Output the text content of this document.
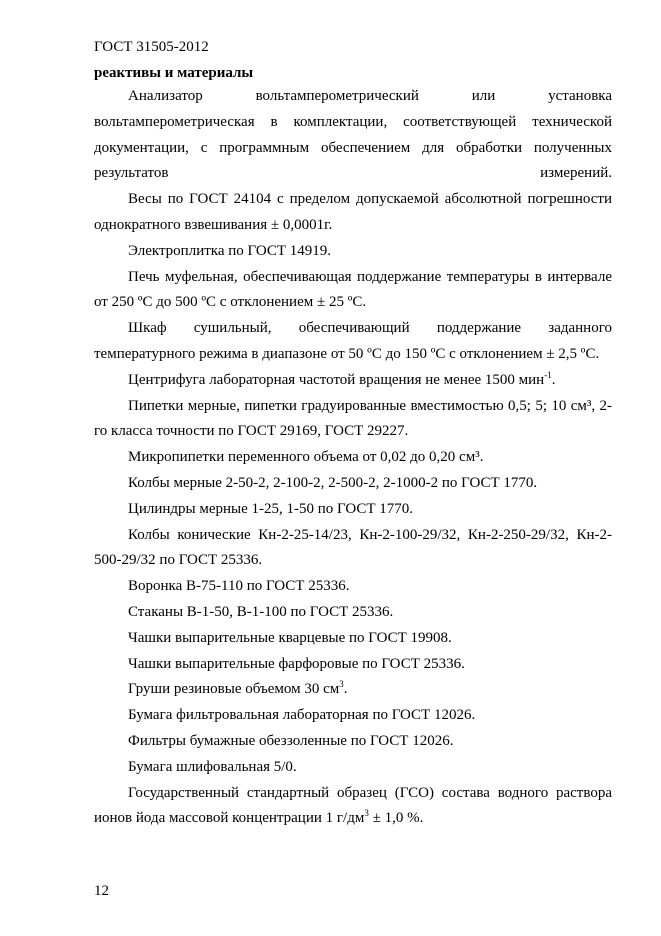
ГОСТ 31505-2012
реактивы и материалы

Анализатор вольтамперометрический или установка вольтамперометрическая в комплектации, соответствующей технической документации, с программным обеспечением для обработки полученных результатов измерений.

Весы по ГОСТ 24104 с пределом допускаемой абсолютной погрешности однократного взвешивания ± 0,0001г.

Электроплитка по ГОСТ 14919.

Печь муфельная, обеспечивающая поддержание температуры в интервале от 250 ºС до 500 ºС с отклонением ± 25 ºС.

Шкаф сушильный, обеспечивающий поддержание заданного температурного режима в диапазоне от 50 ºС до 150 ºС с отклонением ± 2,5 ºС.

Центрифуга лабораторная частотой вращения не менее 1500 мин$^{-1}$.

Пипетки мерные, пипетки градуированные вместимостью 0,5; 5; 10 см³, 2-го класса точности по ГОСТ 29169, ГОСТ 29227.

Микропипетки переменного объема от 0,02 до 0,20 см³.

Колбы мерные 2-50-2, 2-100-2, 2-500-2, 2-1000-2 по ГОСТ 1770.

Цилиндры мерные 1-25, 1-50 по ГОСТ 1770.

Колбы конические Кн-2-25-14/23, Кн-2-100-29/32, Кн-2-250-29/32, Кн-2-500-29/32 по ГОСТ 25336.

Воронка В-75-110 по ГОСТ 25336.

Стаканы В-1-50, В-1-100 по ГОСТ 25336.

Чашки выпарительные кварцевые по ГОСТ 19908.

Чашки выпарительные фарфоровые по ГОСТ 25336.

Груши резиновые объемом 30 $см^3$.

Бумага фильтровальная лабораторная по ГОСТ 12026.

Фильтры бумажные обеззоленные по ГОСТ 12026.

Бумага шлифовальная 5/0.

Государственный стандартный образец (ГСО) состава водного раствора ионов йода массовой концентрации 1 $г/дм^3 \pm 1,0$ %.

12
